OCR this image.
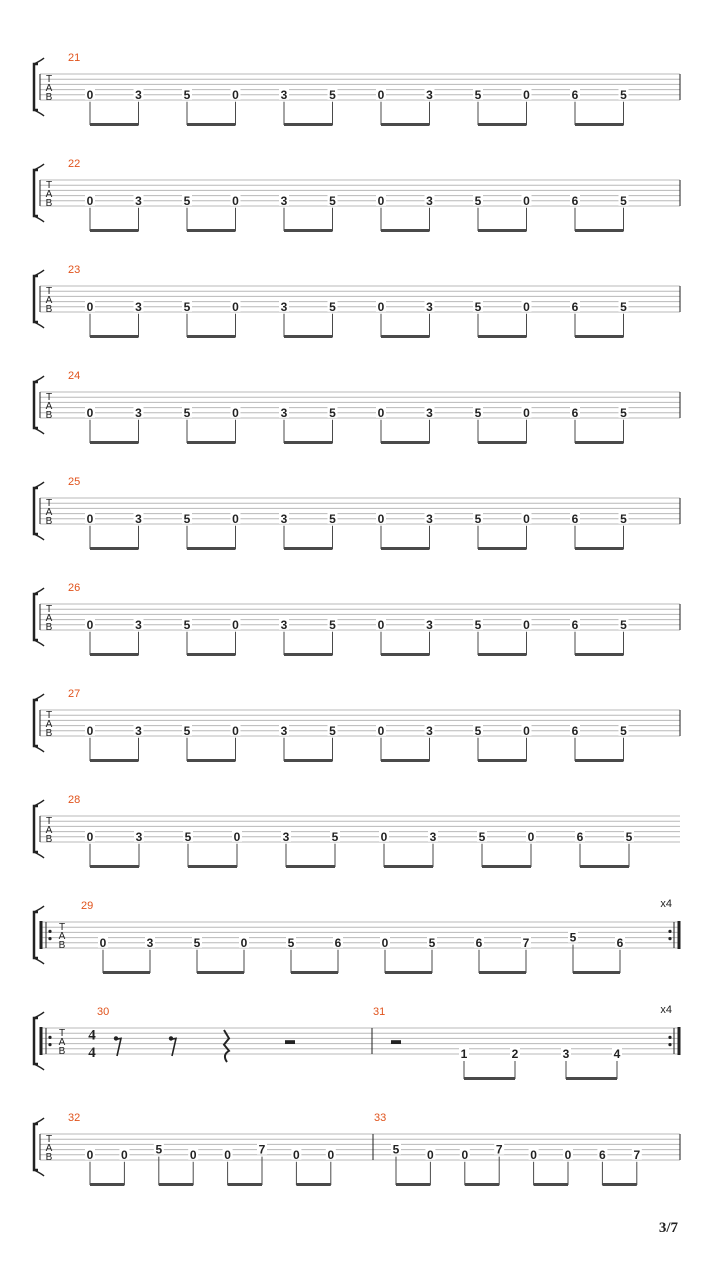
T
A
B
21
0	3	5	0	3	5	0	3	5	0	6	5
T
A
B
22
0	3	5	0	3	5	0	3	5	0	6	5
T
A
B
23
0	3	5	0	3	5	0	3	5	0	6	5
T
A
B
24
0	3	5	0	3	5	0	3	5	0	6	5
T
A
B
25
0	3	5	0	3	5	0	3	5	0	6	5
T
A
B
26
0	3	5	0	3	5	0	3	5	0	6	5
T
A
B
27
0	3	5	0	3	5	0	3	5	0	6	5
T
A
B
28
0	3	5	0	3	5	0	3	5	0	6	5
T
A
B
x4
29
0	3	5	0	5	6	0	5	6	7	5	6
T
A
B
x4
4
4
30	31
1	2	3	4
T
A
B
32
0 0 5 0 0 7 0 0
33
5 0 0 7 0 0 6 7
3/7
